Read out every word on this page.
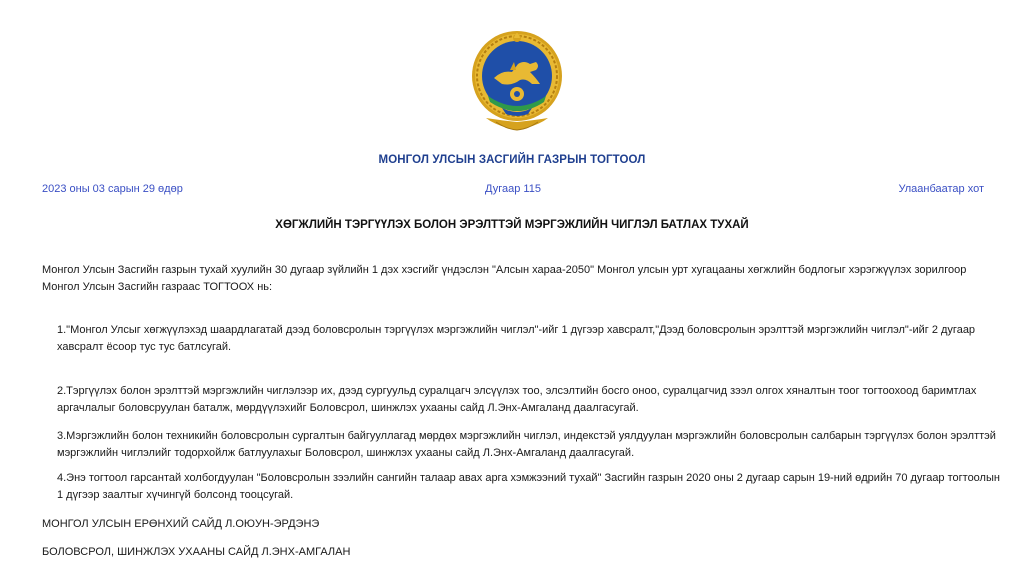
МОНГОЛ УЛСЫН ЗАСГИЙН ГАЗРЫН ТОГТООЛ
2023 оны 03 сарын 29 өдөр	Дугаар 115	Улаанбаатар хот
ХӨГЖЛИЙН ТЭРГҮҮЛЭХ БОЛОН ЭРЭЛТТЭЙ МЭРГЭЖЛИЙН ЧИГЛЭЛ БАТЛАХ ТУХАЙ

Монгол Улсын Засгийн газрын тухай хуулийн 30 дугаар зүйлийн 1 дэх хэсгийг үндэслэн "Алсын хараа-2050" Монгол улсын урт хугацааны хөгжлийн бодлогыг хэрэгжүүлэх зорилгоор Монгол Улсын Засгийн газраас ТОГТООХ нь:

1."Монгол Улсыг хөгжүүлэхэд шаардлагатай дээд боловсролын тэргүүлэх мэргэжлийн чиглэл"-ийг 1 дүгээр хавсралт,"Дээд боловсролын эрэлттэй мэргэжлийн чиглэл"-ийг 2 дугаар хавсралт ёсоор тус тус батлсугай.

2.Тэргүүлэх болон эрэлттэй мэргэжлийн чиглэлээр их, дээд сургуульд суралцагч элсүүлэх тоо, элсэлтийн босго оноо, суралцагчид зээл олгох хяналтын тоог тогтоохоод баримтлах аргачлалыг боловсруулан баталж, мөрдүүлэхийг Боловсрол, шинжлэх ухааны сайд Л.Энх-Амгаланд даалгасугай.

3.Мэргэжлийн болон техникийн боловсролын сургалтын байгууллагад мөрдөх мэргэжлийн чиглэл, индекстэй уялдуулан мэргэжлийн боловсролын салбарын тэргүүлэх болон эрэлттэй мэргэжлийн чиглэлийг тодорхойлж батлуулахыг Боловсрол, шинжлэх ухааны сайд Л.Энх-Амгаланд даалгасугай.

4.Энэ тогтоол гарсантай холбогдуулан "Боловсролын зээлийн сангийн талаар авах арга хэмжээний тухай" Засгийн газрын 2020 оны 2 дугаар сарын 19-ний өдрийн 70 дугаар тогтоолын 1 дүгээр заалтыг хүчингүй болсонд тооцсугай.

МОНГОЛ УЛСЫН ЕРӨНХИЙ САЙД Л.ОЮУН-ЭРДЭНЭ
БОЛОВСРОЛ, ШИНЖЛЭХ УХААНЫ САЙД Л.ЭНХ-АМГАЛАН
